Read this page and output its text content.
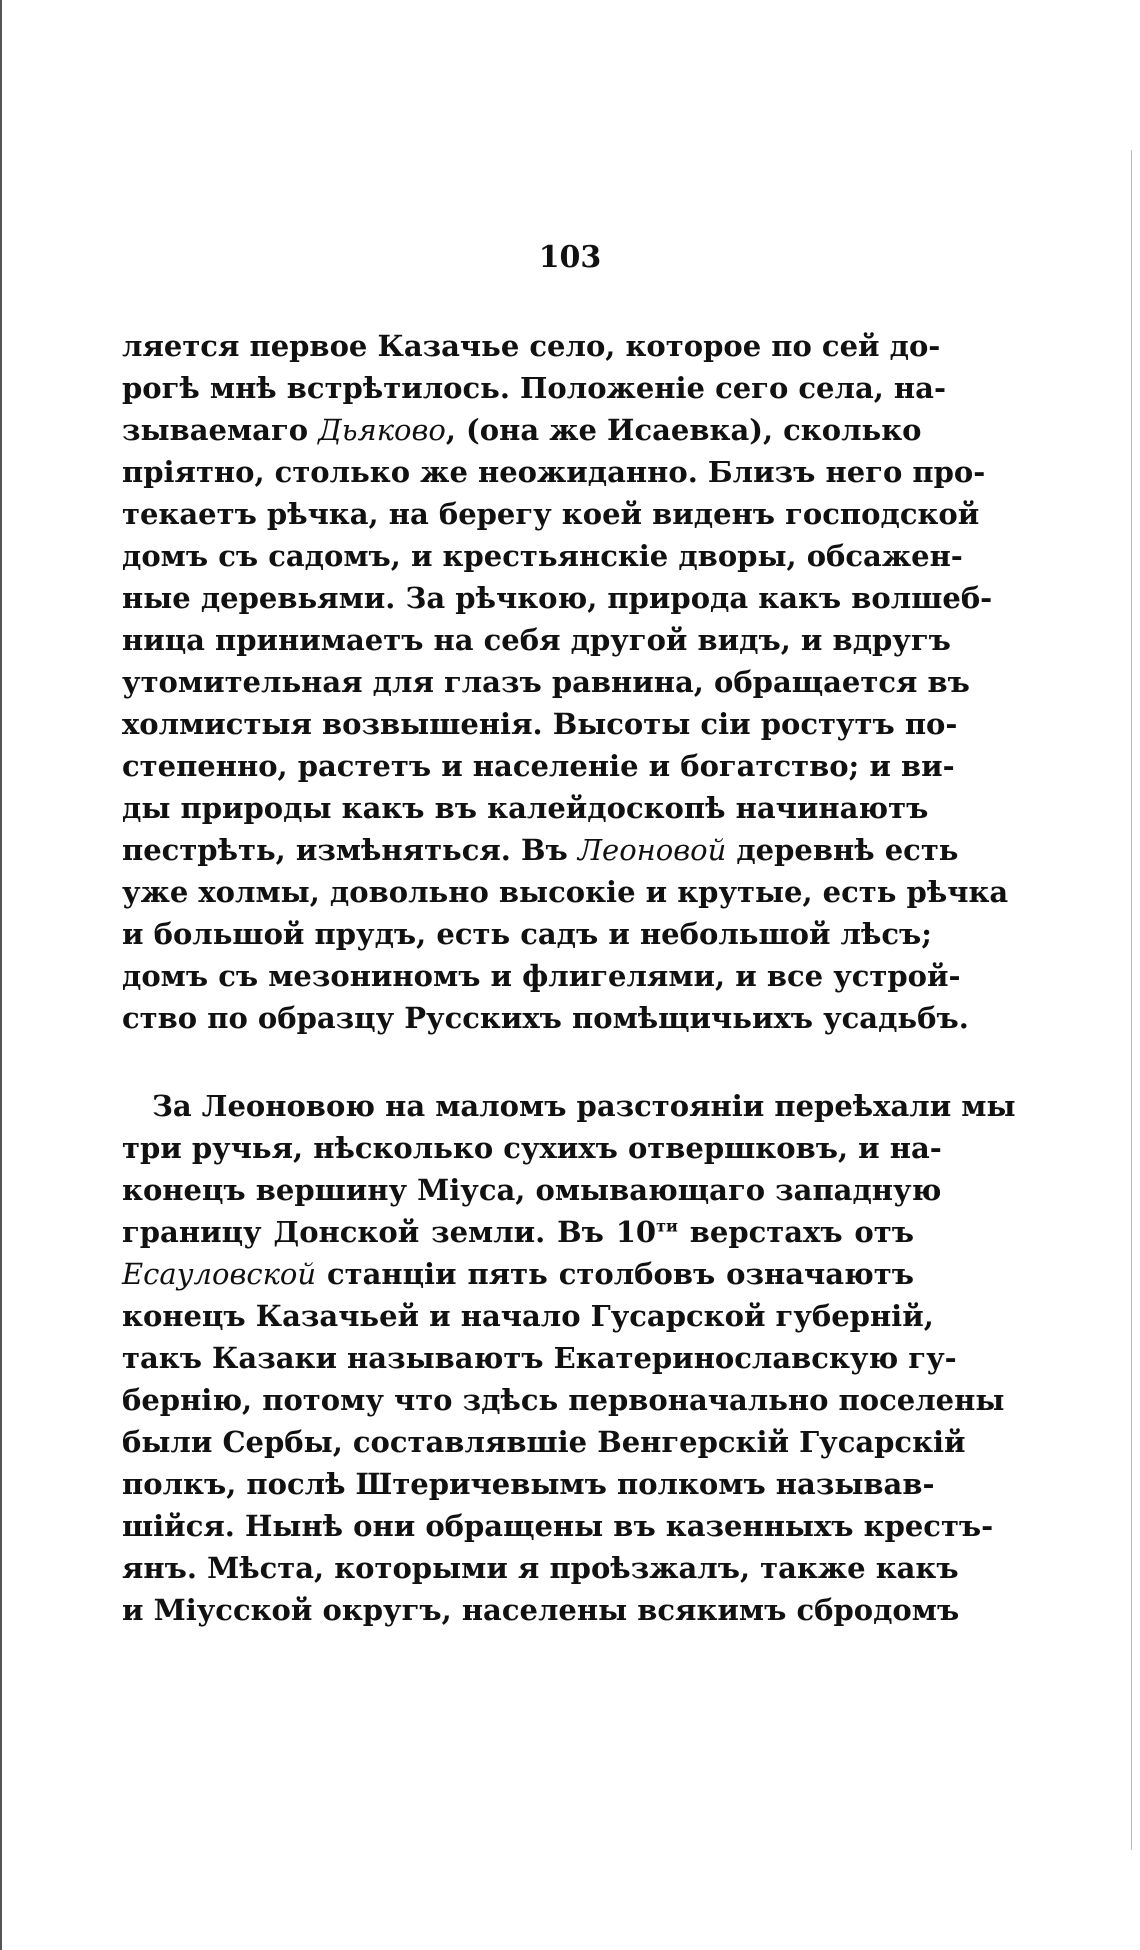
103
ляется первое Казачье село, которое по сей до-
рогѣ мнѣ встрѣтилось. Положеніе сего села, на-
зываемаго Дьяково, (она же Исаевка), сколько
пріятно, столько же неожиданно. Близъ него про-
текаетъ рѣчка, на берегу коей виденъ господской
домъ съ садомъ, и крестьянскіе дворы, обсажен-
ные деревьями. За рѣчкою, природа какъ волшеб-
ница принимаетъ на себя другой видъ, и вдругъ
утомительная для глазъ равнина, обращается въ
холмистыя возвышенія. Высоты сіи ростутъ по-
степенно, растетъ и населеніе и богатство; и ви-
ды природы какъ въ калейдоскопѣ начинаютъ
пестрѣть, измѣняться. Въ Леоновой деревнѣ есть
уже холмы, довольно высокіе и крутые, есть рѣчка
и большой прудъ, есть садъ и небольшой лѣсъ;
домъ съ мезониномъ и флигелями, и все устрой-
ство по образцу Русскихъ помѣщичьихъ усадьбъ.
За Леоновою на маломъ разстояніи переѣхали мы
три ручья, нѣсколько сухихъ отвершковъ, и на-
конецъ вершину Міуса, омывающаго западную
границу Донской земли. Въ $10^{ти}$ верстахъ отъ
Есауловской станціи пять столбовъ означаютъ
конецъ Казачьей и начало Гусарской губерній,
такъ Казаки называютъ Екатеринославскую гу-
бернію, потому что здѣсь первоначально поселены
были Сербы, составлявшіе Венгерскій Гусарскій
полкъ, послѣ Штеричевымъ полкомъ называв-
шійся. Нынѣ они обращены въ казенныхъ крестъ-
янъ. Мѣста, которыми я проѣзжалъ, также какъ
и Міусской округъ, населены всякимъ сбродомъ
